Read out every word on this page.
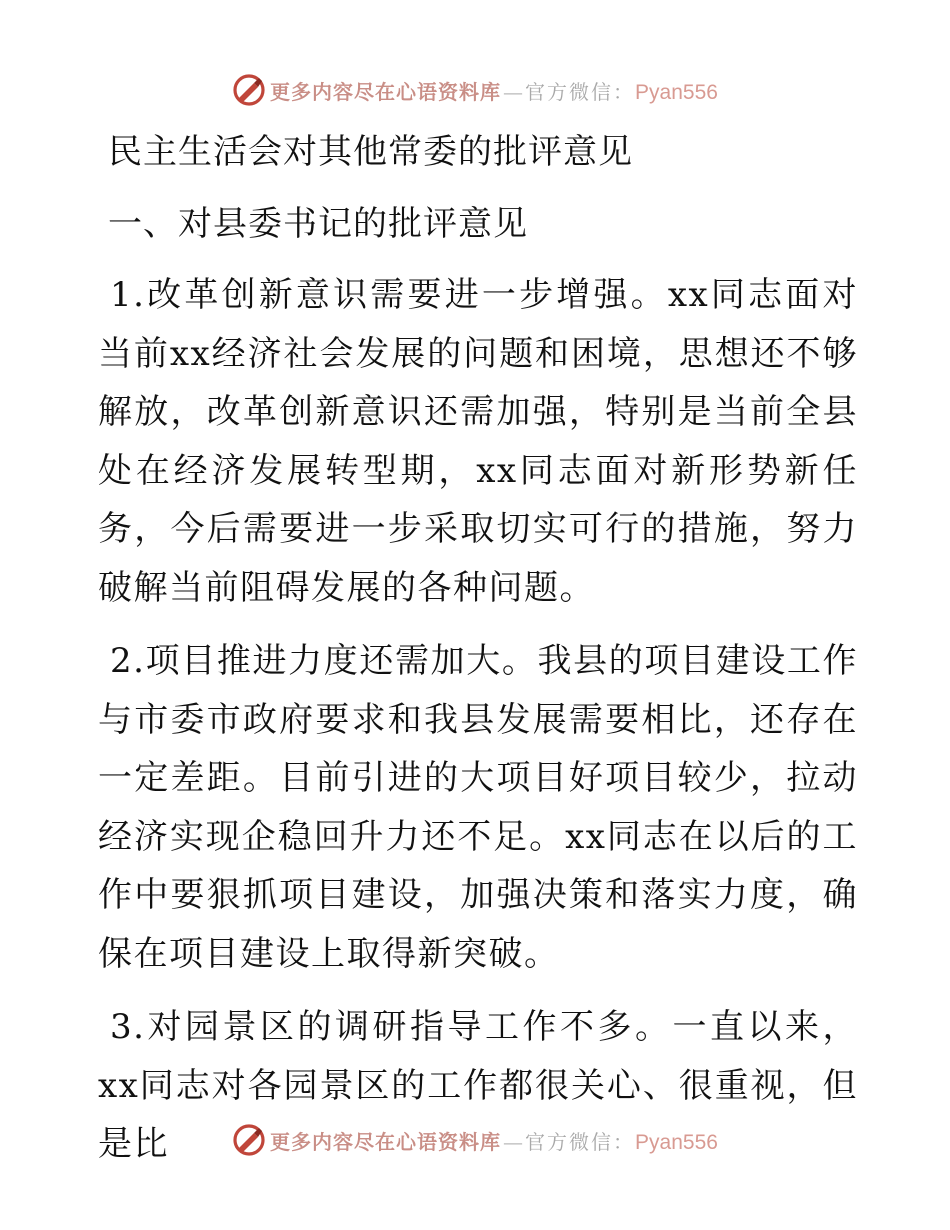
更多内容尽在心语资料库 — 官方微信： Pyan556
民主生活会对其他常委的批评意见
一、对县委书记的批评意见

1.改革创新意识需要进一步增强。xx同志面对当前xx经济社会发展的问题和困境，思想还不够解放，改革创新意识还需加强，特别是当前全县处在经济发展转型期，xx同志面对新形势新任务，今后需要进一步采取切实可行的措施，努力破解当前阻碍发展的各种问题。

2.项目推进力度还需加大。我县的项目建设工作与市委市政府要求和我县发展需要相比，还存在一定差距。目前引进的大项目好项目较少，拉动经济实现企稳回升力还不足。xx同志在以后的工作中要狠抓项目建设，加强决策和落实力度，确保在项目建设上取得新突破。

3.对园景区的调研指导工作不多。一直以来，xx同志对各园景区的工作都很关心、很重视，但是比	更多内容尽在心语资料库 — 官方微信： Pyan556
